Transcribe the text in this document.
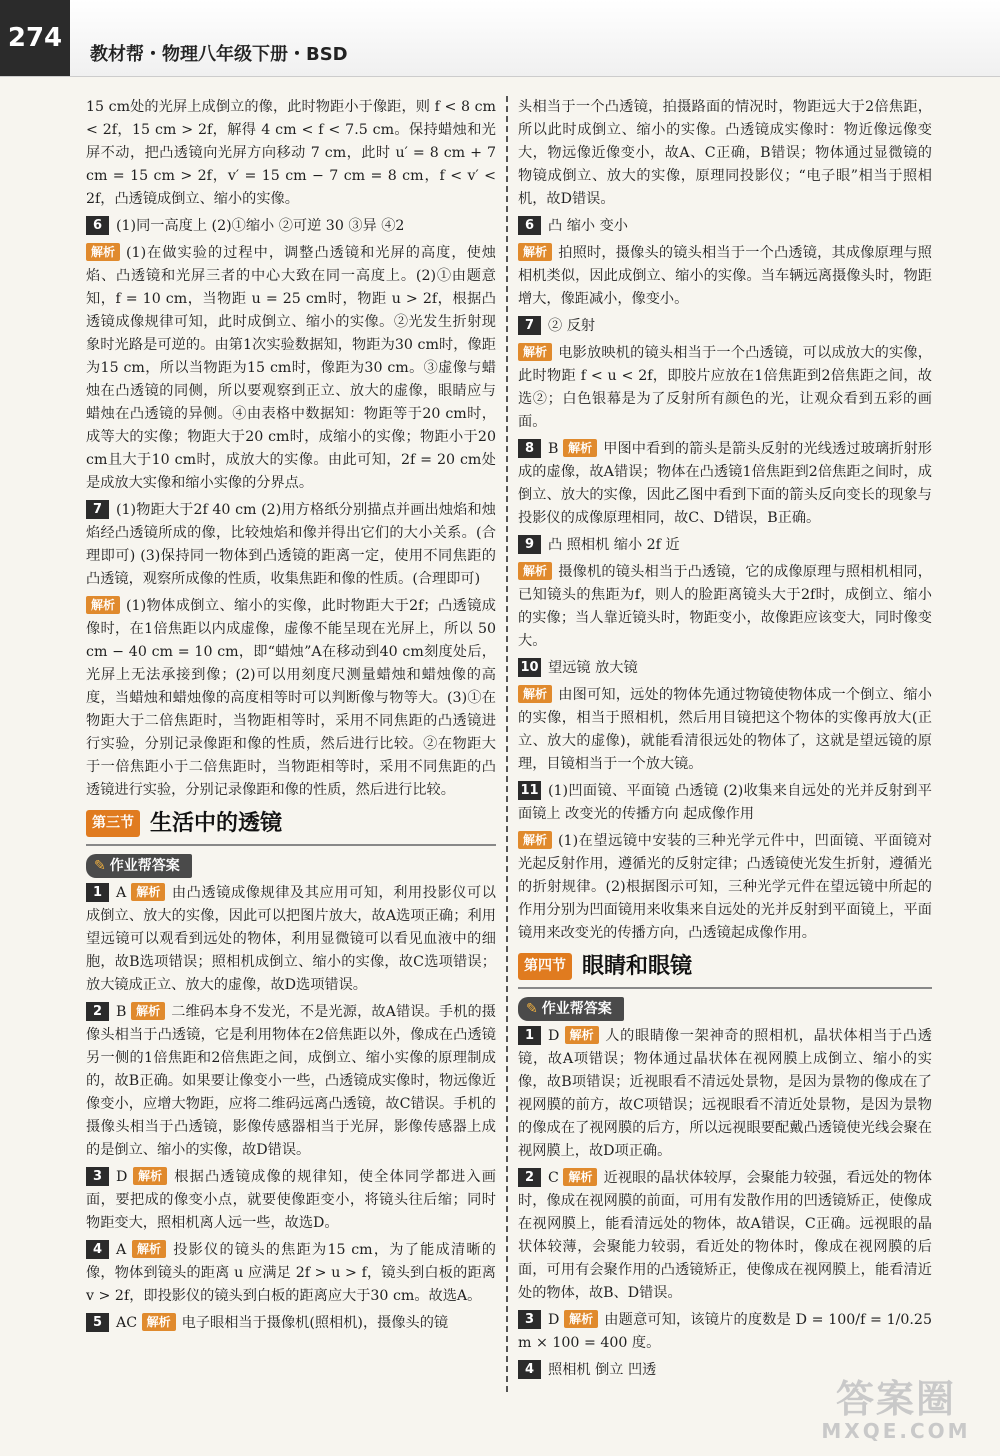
274
教材帮・物理八年级下册・BSD

15 cm处的光屏上成倒立的像，此时物距小于像距，则 f < 8 cm < 2f，15 cm > 2f，解得 4 cm < f < 7.5 cm。保持蜡烛和光屏不动，把凸透镜向光屏方向移动 7 cm，此时 u′ = 8 cm + 7 cm = 15 cm > 2f，v′ = 15 cm − 7 cm = 8 cm，f < v′ < 2f，凸透镜成倒立、缩小的实像。

6 (1)同一高度上 (2)①缩小 ②可逆 30 ③异 ④2

解析 (1)在做实验的过程中，调整凸透镜和光屏的高度，使烛焰、凸透镜和光屏三者的中心大致在同一高度上。(2)①由题意知，f = 10 cm，当物距 u = 25 cm时，物距 u > 2f，根据凸透镜成像规律可知，此时成倒立、缩小的实像。②光发生折射现象时光路是可逆的。由第1次实验数据知，物距为30 cm时，像距为15 cm，所以当物距为15 cm时，像距为30 cm。③虚像与蜡烛在凸透镜的同侧，所以要观察到正立、放大的虚像，眼睛应与蜡烛在凸透镜的异侧。④由表格中数据知：物距等于20 cm时，成等大的实像；物距大于20 cm时，成缩小的实像；物距小于20 cm且大于10 cm时，成放大的实像。由此可知，2f = 20 cm处是成放大实像和缩小实像的分界点。

7 (1)物距大于2f 40 cm (2)用方格纸分别描点并画出烛焰和烛焰经凸透镜所成的像，比较烛焰和像并得出它们的大小关系。(合理即可) (3)保持同一物体到凸透镜的距离一定，使用不同焦距的凸透镜，观察所成像的性质，收集焦距和像的性质。(合理即可)

解析 (1)物体成倒立、缩小的实像，此时物距大于2f；凸透镜成像时，在1倍焦距以内成虚像，虚像不能呈现在光屏上，所以 50 cm − 40 cm = 10 cm，即“蜡烛”A在移动到40 cm刻度处后，光屏上无法承接到像；(2)可以用刻度尺测量蜡烛和蜡烛像的高度，当蜡烛和蜡烛像的高度相等时可以判断像与物等大。(3)①在物距大于二倍焦距时，当物距相等时，采用不同焦距的凸透镜进行实验，分别记录像距和像的性质，然后进行比较。②在物距大于一倍焦距小于二倍焦距时，当物距相等时，采用不同焦距的凸透镜进行实验，分别记录像距和像的性质，然后进行比较。

第三节 生活中的透镜
✎ 作业帮答案

1 A 解析 由凸透镜成像规律及其应用可知，利用投影仪可以成倒立、放大的实像，因此可以把图片放大，故A选项正确；利用望远镜可以观看到远处的物体，利用显微镜可以看见血液中的细胞，故B选项错误；照相机成倒立、缩小的实像，故C选项错误；放大镜成正立、放大的虚像，故D选项错误。

2 B 解析 二维码本身不发光，不是光源，故A错误。手机的摄像头相当于凸透镜，它是利用物体在2倍焦距以外，像成在凸透镜另一侧的1倍焦距和2倍焦距之间，成倒立、缩小实像的原理制成的，故B正确。如果要让像变小一些，凸透镜成实像时，物远像近像变小，应增大物距，应将二维码远离凸透镜，故C错误。手机的摄像头相当于凸透镜，影像传感器相当于光屏，影像传感器上成的是倒立、缩小的实像，故D错误。

3 D 解析 根据凸透镜成像的规律知，使全体同学都进入画面，要把成的像变小点，就要使像距变小，将镜头往后缩；同时物距变大，照相机离人远一些，故选D。

4 A 解析 投影仪的镜头的焦距为15 cm，为了能成清晰的像，物体到镜头的距离 u 应满足 2f > u > f，镜头到白板的距离 v > 2f，即投影仪的镜头到白板的距离应大于30 cm。故选A。

5 AC 解析 电子眼相当于摄像机(照相机)，摄像头的镜

头相当于一个凸透镜，拍摄路面的情况时，物距远大于2倍焦距，所以此时成倒立、缩小的实像。凸透镜成实像时：物近像远像变大，物远像近像变小，故A、C正确，B错误；物体通过显微镜的物镜成倒立、放大的实像，原理同投影仪；“电子眼”相当于照相机，故D错误。

6 凸 缩小 变小

解析 拍照时，摄像头的镜头相当于一个凸透镜，其成像原理与照相机类似，因此成倒立、缩小的实像。当车辆远离摄像头时，物距增大，像距减小，像变小。

7 ② 反射

解析 电影放映机的镜头相当于一个凸透镜，可以成放大的实像，此时物距 f < u < 2f，即胶片应放在1倍焦距到2倍焦距之间，故选②；白色银幕是为了反射所有颜色的光，让观众看到五彩的画面。

8 B 解析 甲图中看到的箭头是箭头反射的光线透过玻璃折射形成的虚像，故A错误；物体在凸透镜1倍焦距到2倍焦距之间时，成倒立、放大的实像，因此乙图中看到下面的箭头反向变长的现象与投影仪的成像原理相同，故C、D错误，B正确。

9 凸 照相机 缩小 2f 近

解析 摄像机的镜头相当于凸透镜，它的成像原理与照相机相同，已知镜头的焦距为f，则人的脸距离镜头大于2f时，成倒立、缩小的实像；当人靠近镜头时，物距变小，故像距应该变大，同时像变大。

10 望远镜 放大镜

解析 由图可知，远处的物体先通过物镜使物体成一个倒立、缩小的实像，相当于照相机，然后用目镜把这个物体的实像再放大(正立、放大的虚像)，就能看清很远处的物体了，这就是望远镜的原理，目镜相当于一个放大镜。

11 (1)凹面镜、平面镜 凸透镜 (2)收集来自远处的光并反射到平面镜上 改变光的传播方向 起成像作用

解析 (1)在望远镜中安装的三种光学元件中，凹面镜、平面镜对光起反射作用，遵循光的反射定律；凸透镜使光发生折射，遵循光的折射规律。(2)根据图示可知，三种光学元件在望远镜中所起的作用分别为凹面镜用来收集来自远处的光并反射到平面镜上，平面镜用来改变光的传播方向，凸透镜起成像作用。

第四节 眼睛和眼镜
✎ 作业帮答案

1 D 解析 人的眼睛像一架神奇的照相机，晶状体相当于凸透镜，故A项错误；物体通过晶状体在视网膜上成倒立、缩小的实像，故B项错误；近视眼看不清远处景物，是因为景物的像成在了视网膜的前方，故C项错误；远视眼看不清近处景物，是因为景物的像成在了视网膜的后方，所以远视眼要配戴凸透镜使光线会聚在视网膜上，故D项正确。

2 C 解析 近视眼的晶状体较厚，会聚能力较强，看远处的物体时，像成在视网膜的前面，可用有发散作用的凹透镜矫正，使像成在视网膜上，能看清远处的物体，故A错误，C正确。远视眼的晶状体较薄，会聚能力较弱，看近处的物体时，像成在视网膜的后面，可用有会聚作用的凸透镜矫正，使像成在视网膜上，能看清近处的物体，故B、D错误。

3 D 解析 由题意可知，该镜片的度数是 D = 100/f = 1/0.25 m × 100 = 400 度。

4 照相机 倒立 凹透

答案圈
MXQE.COM
